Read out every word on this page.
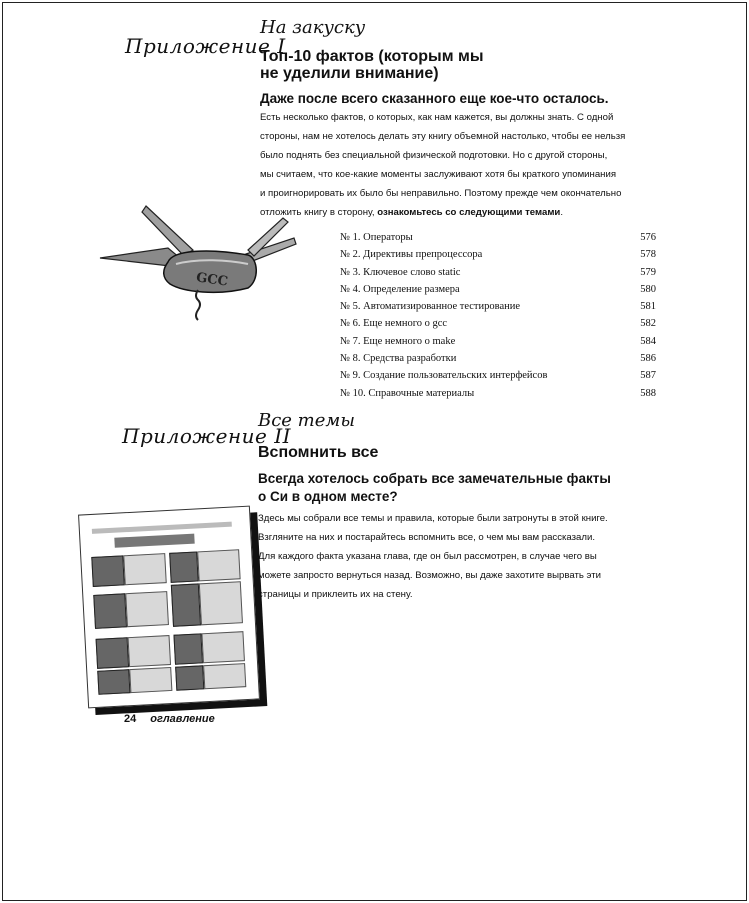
Приложение I
На закуску
Топ-10 фактов (которым мы
не уделили внимание)
Даже после всего сказанного еще кое-что осталось.
Есть несколько фактов, о которых, как нам кажется, вы должны знать. С одной
стороны, нам не хотелось делать эту книгу объемной настолько, чтобы ее нельзя
было поднять без специальной физической подготовки. Но с другой стороны,
мы считаем, что кое-какие моменты заслуживают хотя бы краткого упоминания
и проигнорировать их было бы неправильно. Поэтому прежде чем окончательно
отложить книгу в сторону, ознакомьтесь со следующими темами.
GCC
№ 1. Операторы	576
№ 2. Директивы препроцессора	578
№ 3. Ключевое слово static	579
№ 4. Определение размера	580
№ 5. Автоматизированное тестирование	581
№ 6. Еще немного о gcc	582
№ 7. Еще немного о make	584
№ 8. Средства разработки	586
№ 9. Создание пользовательских интерфейсов	587
№ 10. Справочные материалы	588
Приложение II
Все темы
Вспомнить все
Всегда хотелось собрать все замечательные факты
о Си в одном месте?
Здесь мы собрали все темы и правила, которые были затронуты в этой книге.
Взгляните на них и постарайтесь вспомнить все, о чем мы вам рассказали.
Для каждого факта указана глава, где он был рассмотрен, в случае чего вы
можете запросто вернуться назад. Возможно, вы даже захотите вырвать эти
страницы и приклеить их на стену.
24 оглавление
